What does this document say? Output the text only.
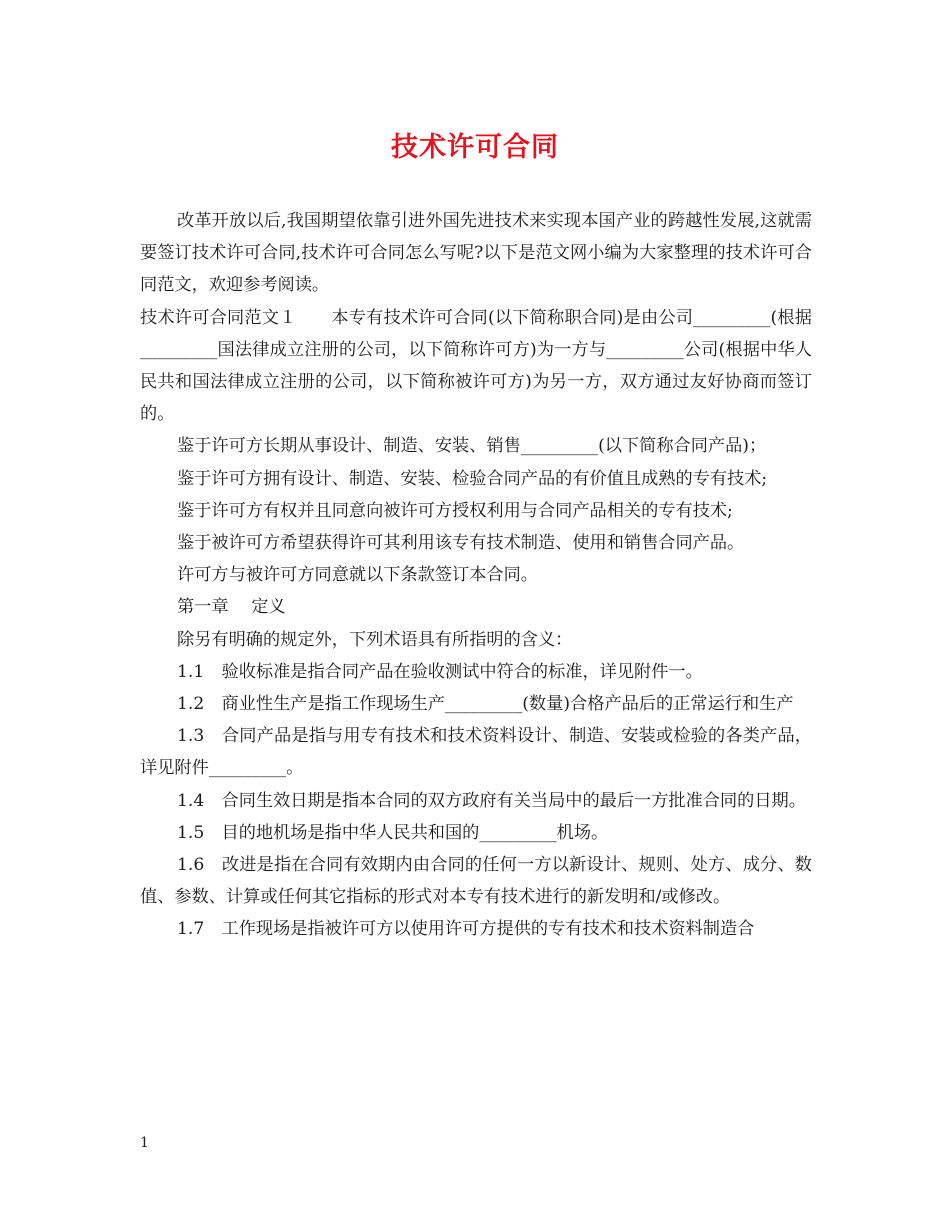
技术许可合同

改革开放以后,我国期望依靠引进外国先进技术来实现本国产业的跨越性发展,这就需要签订技术许可合同,技术许可合同怎么写呢?以下是范文网小编为大家整理的技术许可合同范文，欢迎参考阅读。

技术许可合同范文１　　本专有技术许可合同(以下简称职合同)是由公司_________(根据_________国法律成立注册的公司，以下简称许可方)为一方与_________公司(根据中华人民共和国法律成立注册的公司，以下简称被许可方)为另一方，双方通过友好协商而签订的。

鉴于许可方长期从事设计、制造、安装、销售_________(以下简称合同产品)；

鉴于许可方拥有设计、制造、安装、检验合同产品的有价值且成熟的专有技术;

鉴于许可方有权并且同意向被许可方授权利用与合同产品相关的专有技术;

鉴于被许可方希望获得许可其利用该专有技术制造、使用和销售合同产品。

许可方与被许可方同意就以下条款签订本合同。

第一章　 定义

除另有明确的规定外，下列术语具有所指明的含义：

1.1　验收标准是指合同产品在验收测试中符合的标准，详见附件一。

1.2　商业性生产是指工作现场生产_________(数量)合格产品后的正常运行和生产

1.3　合同产品是指与用专有技术和技术资料设计、制造、安装或检验的各类产品，详见附件_________。

1.4　合同生效日期是指本合同的双方政府有关当局中的最后一方批准合同的日期。

1.5　目的地机场是指中华人民共和国的_________机场。

1.6　改进是指在合同有效期内由合同的任何一方以新设计、规则、处方、成分、数值、参数、计算或任何其它指标的形式对本专有技术进行的新发明和/或修改。

1.7　工作现场是指被许可方以使用许可方提供的专有技术和技术资料制造合

1
